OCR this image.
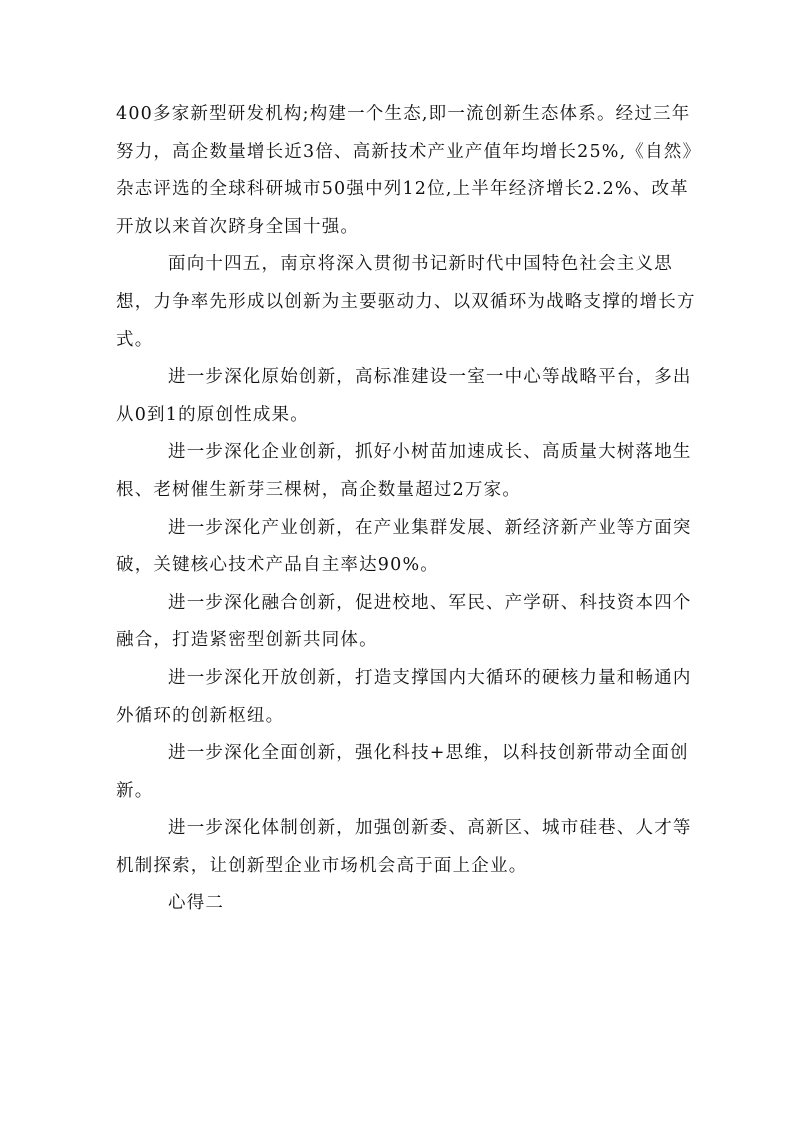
400多家新型研发机构;构建一个生态,即一流创新生态体系。经过三年努力，高企数量增长近3倍、高新技术产业产值年均增长25%,《自然》杂志评选的全球科研城市50强中列12位,上半年经济增长2.2%、改革开放以来首次跻身全国十强。

面向十四五，南京将深入贯彻书记新时代中国特色社会主义思想，力争率先形成以创新为主要驱动力、以双循环为战略支撑的增长方式。

进一步深化原始创新，高标准建设一室一中心等战略平台，多出从0到1的原创性成果。

进一步深化企业创新，抓好小树苗加速成长、高质量大树落地生根、老树催生新芽三棵树，高企数量超过2万家。

进一步深化产业创新，在产业集群发展、新经济新产业等方面突破，关键核心技术产品自主率达90%。

进一步深化融合创新，促进校地、军民、产学研、科技资本四个融合，打造紧密型创新共同体。

进一步深化开放创新，打造支撑国内大循环的硬核力量和畅通内外循环的创新枢纽。

进一步深化全面创新，强化科技+思维，以科技创新带动全面创新。

进一步深化体制创新，加强创新委、高新区、城市硅巷、人才等机制探索，让创新型企业市场机会高于面上企业。

心得二
